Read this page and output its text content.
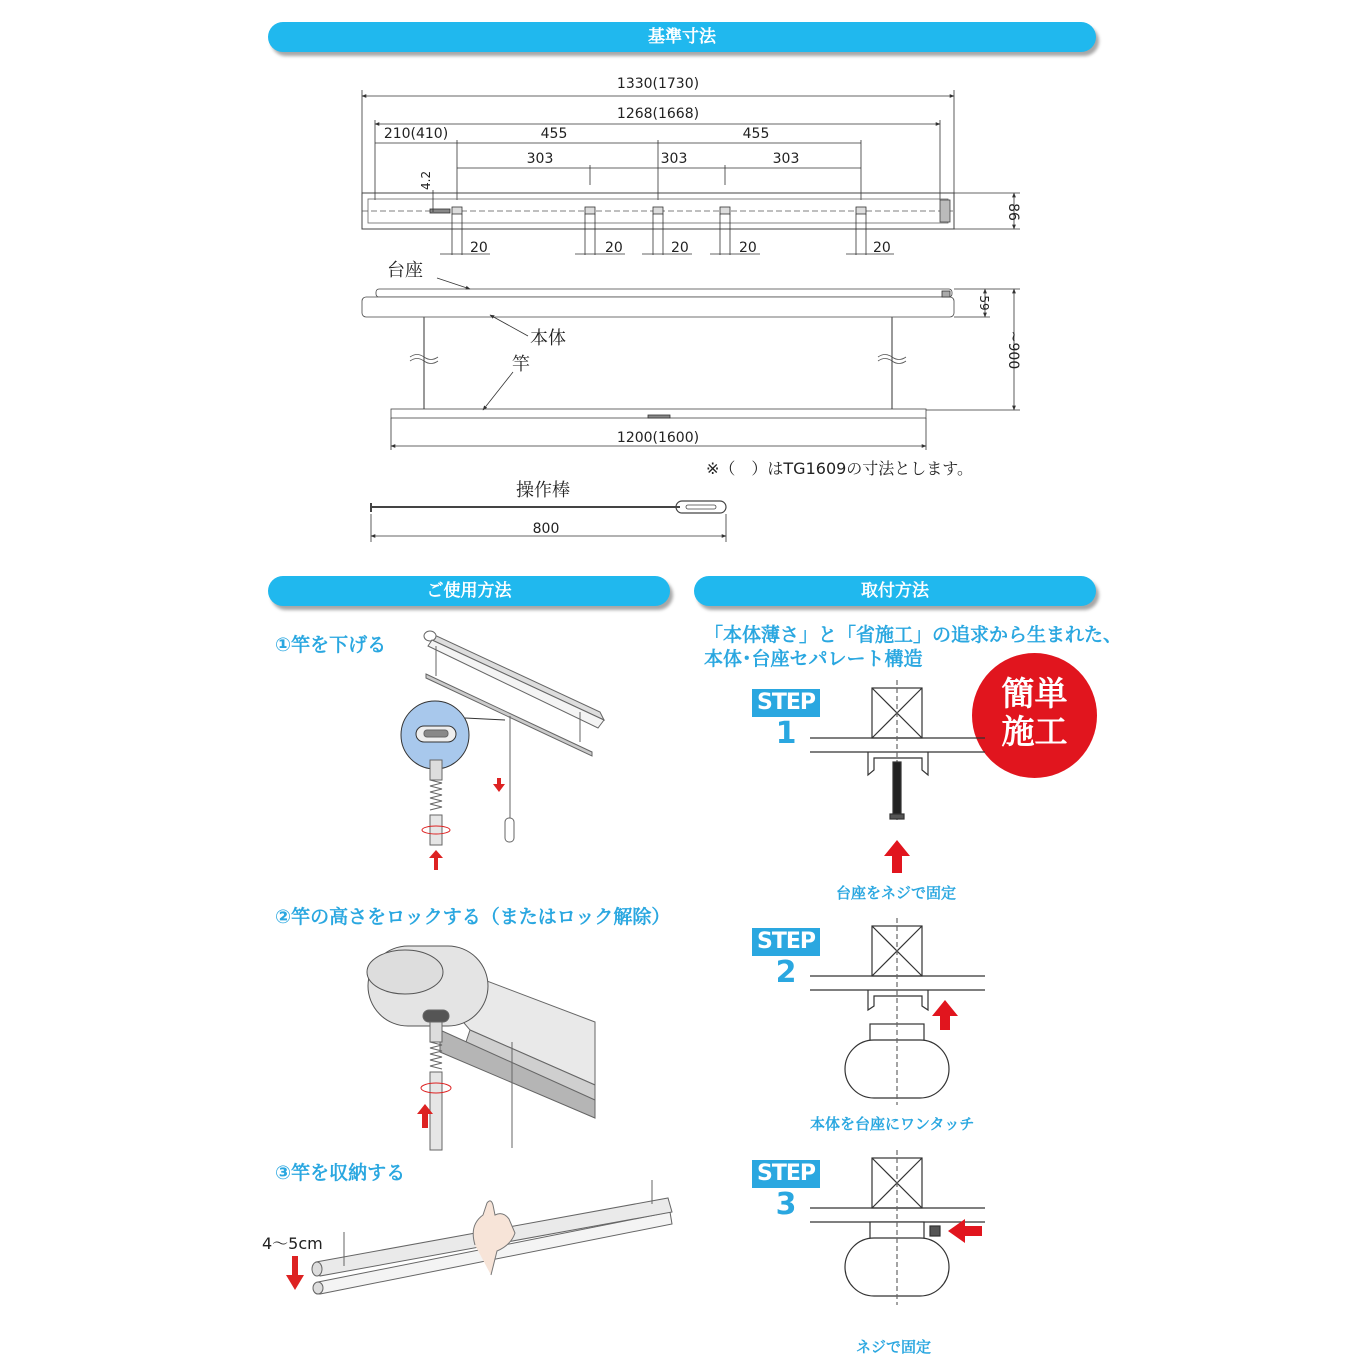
基準寸法
ご使用方法	取付方法
1330(1730)
1268(1668)
210(410)	455	455
303	303	303
4.2
86
20	20	20	20	20
59
~900
1200(1600)
800
台座
本体
竿
操作棒
※（　）はTG1609の寸法とします。
①竿を下げる
②竿の高さをロックする（またはロック解除）
③竿を収納する
4〜5cm
「本体薄さ」と「省施工」の追求から生まれた、
本体･台座セパレート構造
簡単
施工
STEP
1
STEP
2
STEP
3
台座をネジで固定
本体を台座にワンタッチ
ネジで固定
